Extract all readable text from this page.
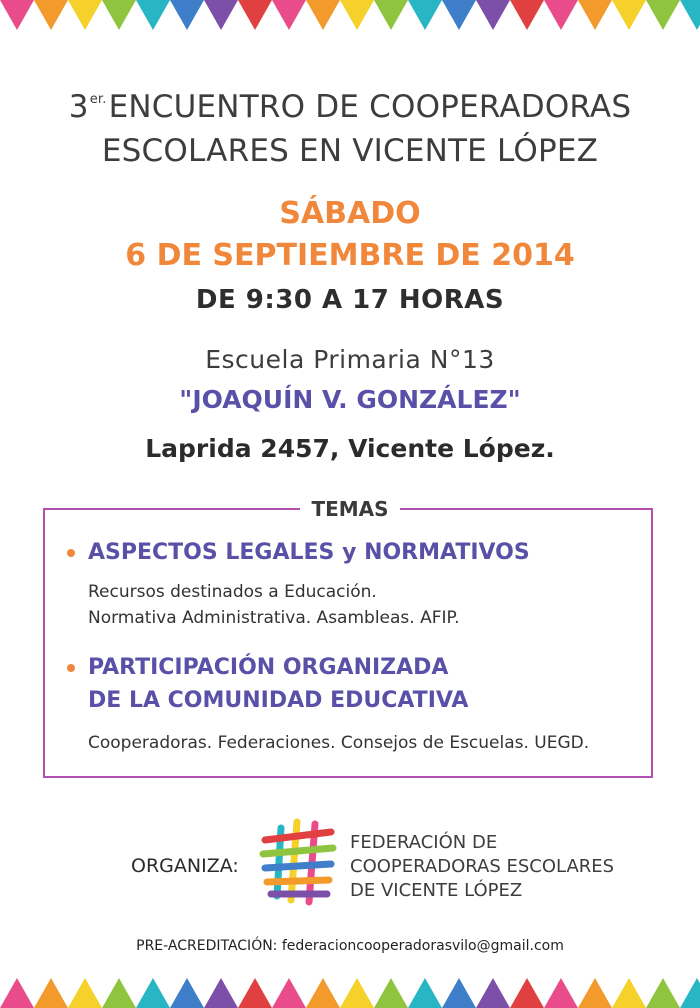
$3^{er.}ENCUENTRO$ DE COOPERADORAS
ESCOLARES EN VICENTE LÓPEZ
SÁBADO
6 DE SEPTIEMBRE DE 2014
DE 9:30 A 17 HORAS
Escuela Primaria N°13
"JOAQUÍN V. GONZÁLEZ"
Laprida 2457, Vicente López.
TEMAS
ASPECTOS LEGALES y NORMATIVOS
Recursos destinados a Educación.
Normativa Administrativa. Asambleas. AFIP.
PARTICIPACIÓN ORGANIZADA
DE LA COMUNIDAD EDUCATIVA
Cooperadoras. Federaciones. Consejos de Escuelas. UEGD.
ORGANIZA:
FEDERACIÓN DE
COOPERADORAS ESCOLARES
DE VICENTE LÓPEZ
PRE-ACREDITACIÓN: federacioncooperadorasvilo@gmail.com
